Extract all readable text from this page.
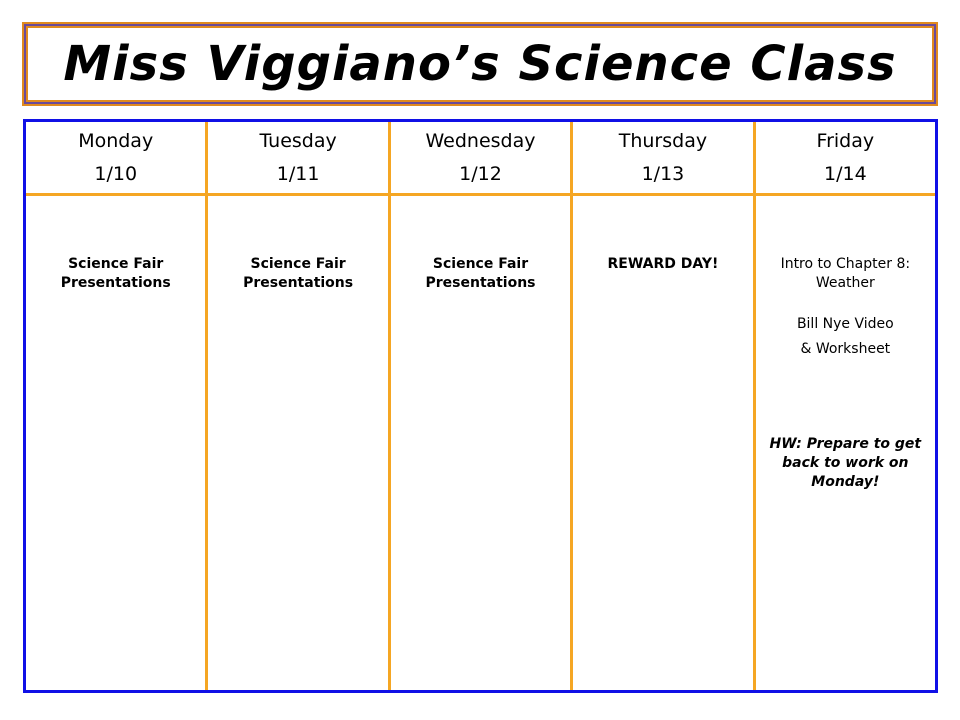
Miss Viggiano’s Science Class
Monday
1/10
Science Fair Presentations
Tuesday
1/11
Science Fair Presentations
Wednesday
1/12
Science Fair Presentations
Thursday
1/13
REWARD DAY!
Friday
1/14
Intro to Chapter 8: Weather
Bill Nye Video
& Worksheet
HW: Prepare to get back to work on Monday!
